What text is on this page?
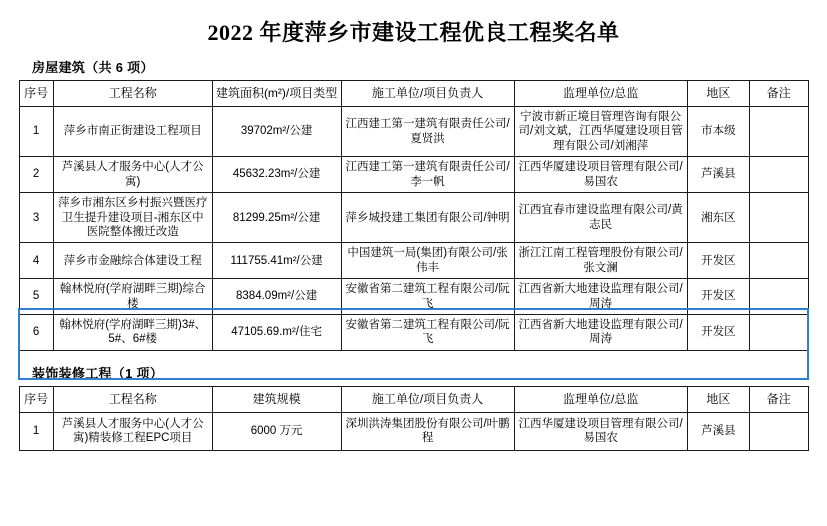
2022 年度萍乡市建设工程优良工程奖名单
房屋建筑（共 6 项）
序号	工程名称	建筑面积(m²)/项目类型	施工单位/项目负责人	监理单位/总监	地区	备注
1	萍乡市南正街建设工程项目	39702m²/公建	江西建工第一建筑有限责任公司/夏贤洪	宁波市新正境目管理咨询有限公司/刘文斌，江西华厦建设项目管理有限公司/刘湘萍	市本级	
2	芦溪县人才服务中心(人才公寓)	45632.23m²/公建	江西建工第一建筑有限责任公司/李一帆	江西华厦建设项目管理有限公司/易国农	芦溪县	
3	萍乡市湘东区乡村振兴暨医疗卫生提升建设项目-湘东区中医院整体搬迁改造	81299.25m²/公建	萍乡城投建工集团有限公司/钟明	江西宜春市建设监理有限公司/黄志民	湘东区	
4	萍乡市金融综合体建设工程	111755.41m²/公建	中国建筑一局(集团)有限公司/张伟丰	浙江江南工程管理股份有限公司/张文澜	开发区	
5	翰林悦府(学府湖畔三期)综合楼	8384.09m²/公建	安徽省第二建筑工程有限公司/阮飞	江西省新大地建设监理有限公司/周涛	开发区	
6	翰林悦府(学府湖畔三期)3#、5#、6#楼	47105.69.m²/住宅	安徽省第二建筑工程有限公司/阮飞	江西省新大地建设监理有限公司/周涛	开发区	
装饰装修工程（1 项）
序号	工程名称	建筑规模	施工单位/项目负责人	监理单位/总监	地区	备注
1	芦溪县人才服务中心(人才公寓)精装修工程EPC项目	6000 万元	深圳洪涛集团股份有限公司/叶鹏程	江西华厦建设项目管理有限公司/易国农	芦溪县	
